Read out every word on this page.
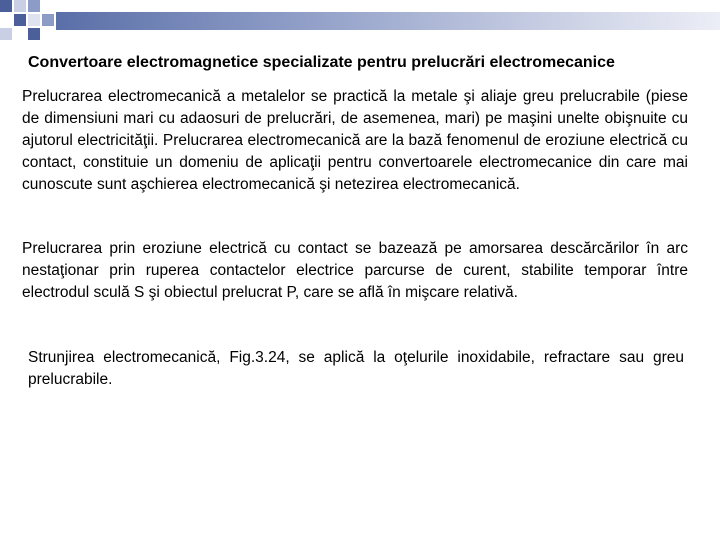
Convertoare electromagnetice specializate pentru prelucrări electromecanice

Prelucrarea electromecanică a metalelor se practică la metale şi aliaje greu prelucrabile (piese de dimensiuni mari cu adaosuri de prelucrări, de asemenea, mari) pe maşini unelte obişnuite cu ajutorul electricităţii. Prelucrarea electromecanică are la bază fenomenul de eroziune electrică cu contact, constituie un domeniu de aplicaţii pentru convertoarele electromecanice din care mai cunoscute sunt aşchierea electromecanică şi netezirea electromecanică.

Prelucrarea prin eroziune electrică cu contact se bazează pe amorsarea descărcărilor în arc nestaţionar prin ruperea contactelor electrice parcurse de curent, stabilite temporar între electrodul sculă S şi obiectul prelucrat P, care se află în mişcare relativă.

Strunjirea electromecanică, Fig.3.24, se aplică la oţelurile inoxidabile, refractare sau greu prelucrabile.
